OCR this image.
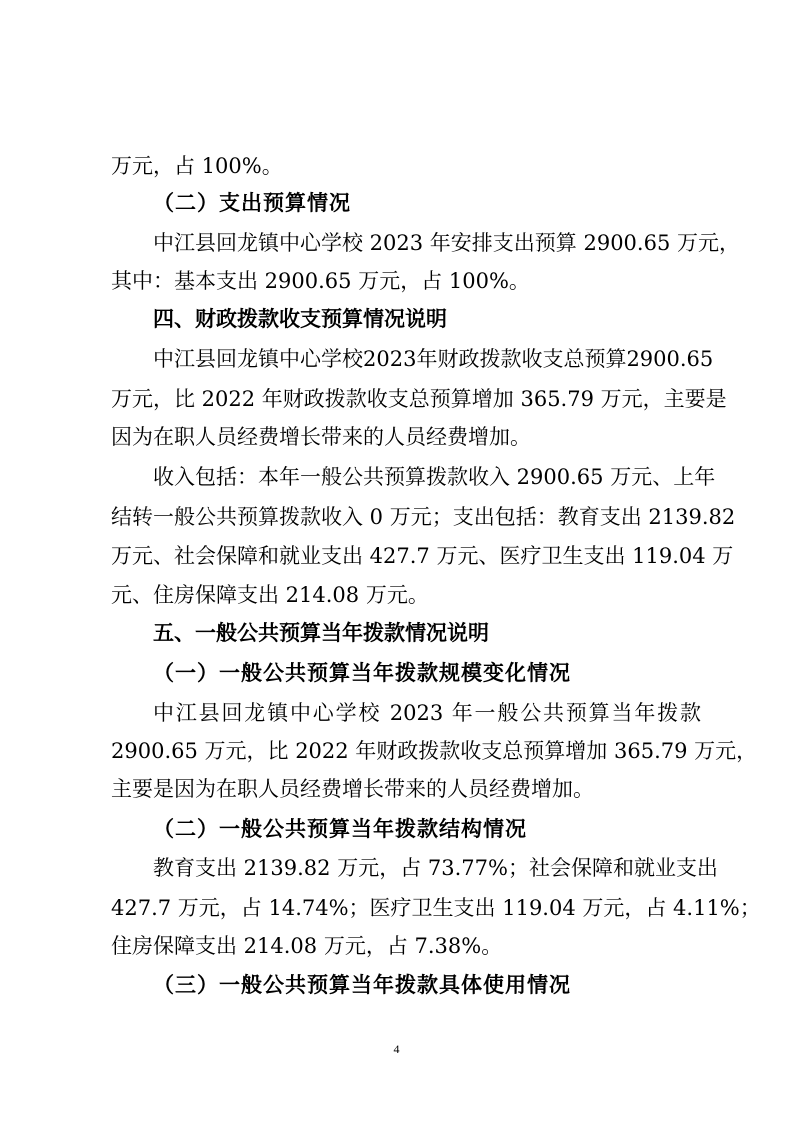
万元，占 100%。
（二）支出预算情况
中江县回龙镇中心学校 2023 年安排支出预算 2900.65 万元，
其中：基本支出 2900.65 万元，占 100%。
四、财政拨款收支预算情况说明
中江县回龙镇中心学校2023年财政拨款收支总预算2900.65
万元，比 2022 年财政拨款收支总预算增加 365.79 万元，主要是
因为在职人员经费增长带来的人员经费增加。
收入包括：本年一般公共预算拨款收入 2900.65 万元、上年
结转一般公共预算拨款收入 0 万元；支出包括：教育支出 2139.82
万元、社会保障和就业支出 427.7 万元、医疗卫生支出 119.04 万
元、住房保障支出 214.08 万元。
五、一般公共预算当年拨款情况说明
（一）一般公共预算当年拨款规模变化情况
中江县回龙镇中心学校 2023 年一般公共预算当年拨款
2900.65 万元，比 2022 年财政拨款收支总预算增加 365.79 万元，
主要是因为在职人员经费增长带来的人员经费增加。
（二）一般公共预算当年拨款结构情况
教育支出 2139.82 万元，占 73.77%；社会保障和就业支出
427.7 万元，占 14.74%；医疗卫生支出 119.04 万元，占 4.11%；
住房保障支出 214.08 万元，占 7.38%。
（三）一般公共预算当年拨款具体使用情况
4
